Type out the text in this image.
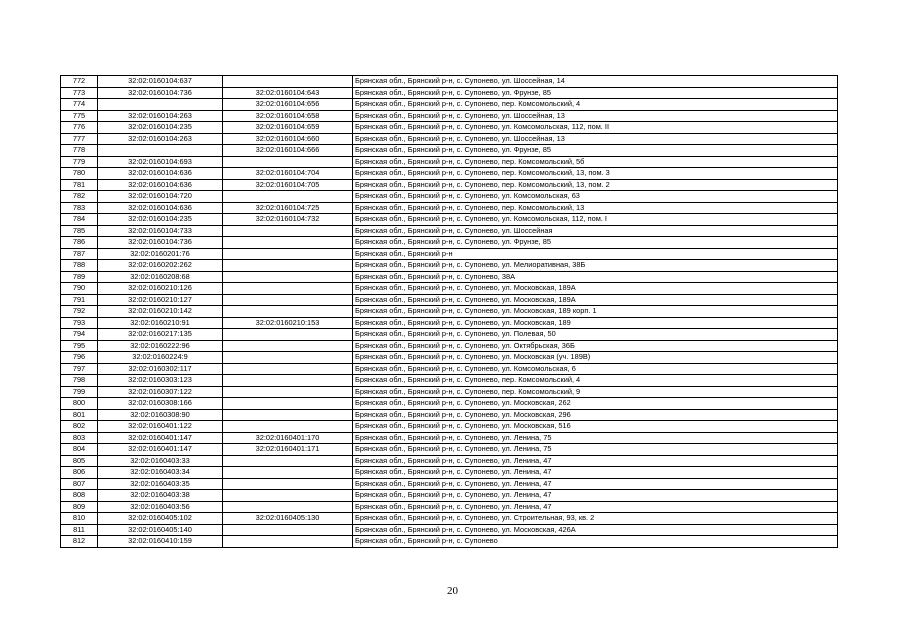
772	32:02:0160104:637		Брянская обл., Брянский р-н, с. Супонево, ул. Шоссейная, 14
773	32:02:0160104:736	32:02:0160104:643	Брянская обл., Брянский р-н, с. Супонево, ул. Фрунзе, 85
774		32:02:0160104:656	Брянская обл., Брянский р-н, с. Супонево, пер. Комсомольский, 4
775	32:02:0160104:263	32:02:0160104:658	Брянская обл., Брянский р-н, с. Супонево, ул. Шоссейная, 13
776	32:02:0160104:235	32:02:0160104:659	Брянская обл., Брянский р-н, с. Супонево, ул. Комсомольская, 112, пом. II
777	32:02:0160104:263	32:02:0160104:660	Брянская обл., Брянский р-н, с. Супонево, ул. Шоссейная, 13
778		32:02:0160104:666	Брянская обл., Брянский р-н, с. Супонево, ул. Фрунзе, 85
779	32:02:0160104:693		Брянская обл., Брянский р-н, с. Супонево, пер. Комсомольский, 5б
780	32:02:0160104:636	32:02:0160104:704	Брянская обл., Брянский р-н, с. Супонево, пер. Комсомольский, 13, пом. 3
781	32:02:0160104:636	32:02:0160104:705	Брянская обл., Брянский р-н, с. Супонево, пер. Комсомольский, 13, пом. 2
782	32:02:0160104:720		Брянская обл., Брянский р-н, с. Супонево, ул. Комсомольская, 63
783	32:02:0160104:636	32:02:0160104:725	Брянская обл., Брянский р-н, с. Супонево, пер. Комсомольский, 13
784	32:02:0160104:235	32:02:0160104:732	Брянская обл., Брянский р-н, с. Супонево, ул. Комсомольская, 112, пом. I
785	32:02:0160104:733		Брянская обл., Брянский р-н, с. Супонево, ул. Шоссейная
786	32:02:0160104:736		Брянская обл., Брянский р-н, с. Супонево, ул. Фрунзе, 85
787	32:02:0160201:76		Брянская обл., Брянский р-н
788	32:02:0160202:262		Брянская обл., Брянский р-н, с. Супонево, ул. Мелиоративная, 38Б
789	32:02:0160208:68		Брянская обл., Брянский р-н, с. Супонево, 38А
790	32:02:0160210:126		Брянская обл., Брянский р-н, с. Супонево, ул. Московская, 189А
791	32:02:0160210:127		Брянская обл., Брянский р-н, с. Супонево, ул. Московская, 189А
792	32:02:0160210:142		Брянская обл., Брянский р-н, с. Супонево, ул. Московская, 189 корп. 1
793	32:02:0160210:91	32:02:0160210:153	Брянская обл., Брянский р-н, с. Супонево, ул. Московская, 189
794	32:02:0160217:135		Брянская обл., Брянский р-н, с. Супонево, ул. Полевая, 50
795	32:02:0160222:96		Брянская обл., Брянский р-н, с. Супонево, ул. Октябрьская, 36Б
796	32:02:0160224:9		Брянская обл., Брянский р-н, с. Супонево, ул. Московская (уч. 189В)
797	32:02:0160302:117		Брянская обл., Брянский р-н, с. Супонево, ул. Комсомольская, 6
798	32:02:0160303:123		Брянская обл., Брянский р-н, с. Супонево, пер. Комсомольский, 4
799	32:02:0160307:122		Брянская обл., Брянский р-н, с. Супонево, пер. Комсомольский, 9
800	32:02:0160308:166		Брянская обл., Брянский р-н, с. Супонево, ул. Московская, 262
801	32:02:0160308:90		Брянская обл., Брянский р-н, с. Супонево, ул. Московская, 296
802	32:02:0160401:122		Брянская обл., Брянский р-н, с. Супонево, ул. Московская, 516
803	32:02:0160401:147	32:02:0160401:170	Брянская обл., Брянский р-н, с. Супонево, ул. Ленина, 75
804	32:02:0160401:147	32:02:0160401:171	Брянская обл., Брянский р-н, с. Супонево, ул. Ленина, 75
805	32:02:0160403:33		Брянская обл., Брянский р-н, с. Супонево, ул. Ленина, 47
806	32:02:0160403:34		Брянская обл., Брянский р-н, с. Супонево, ул. Ленина, 47
807	32:02:0160403:35		Брянская обл., Брянский р-н, с. Супонево, ул. Ленина, 47
808	32:02:0160403:38		Брянская обл., Брянский р-н, с. Супонево, ул. Ленина, 47
809	32:02:0160403:56		Брянская обл., Брянский р-н, с. Супонево, ул. Ленина, 47
810	32:02:0160405:102	32:02:0160405:130	Брянская обл., Брянский р-н, с. Супонево, ул. Строительная, 93, кв. 2
811	32:02:0160405:140		Брянская обл., Брянский р-н, с. Супонево, ул. Московская, 426А
812	32:02:0160410:159		Брянская обл., Брянский р-н, с. Супонево
20
